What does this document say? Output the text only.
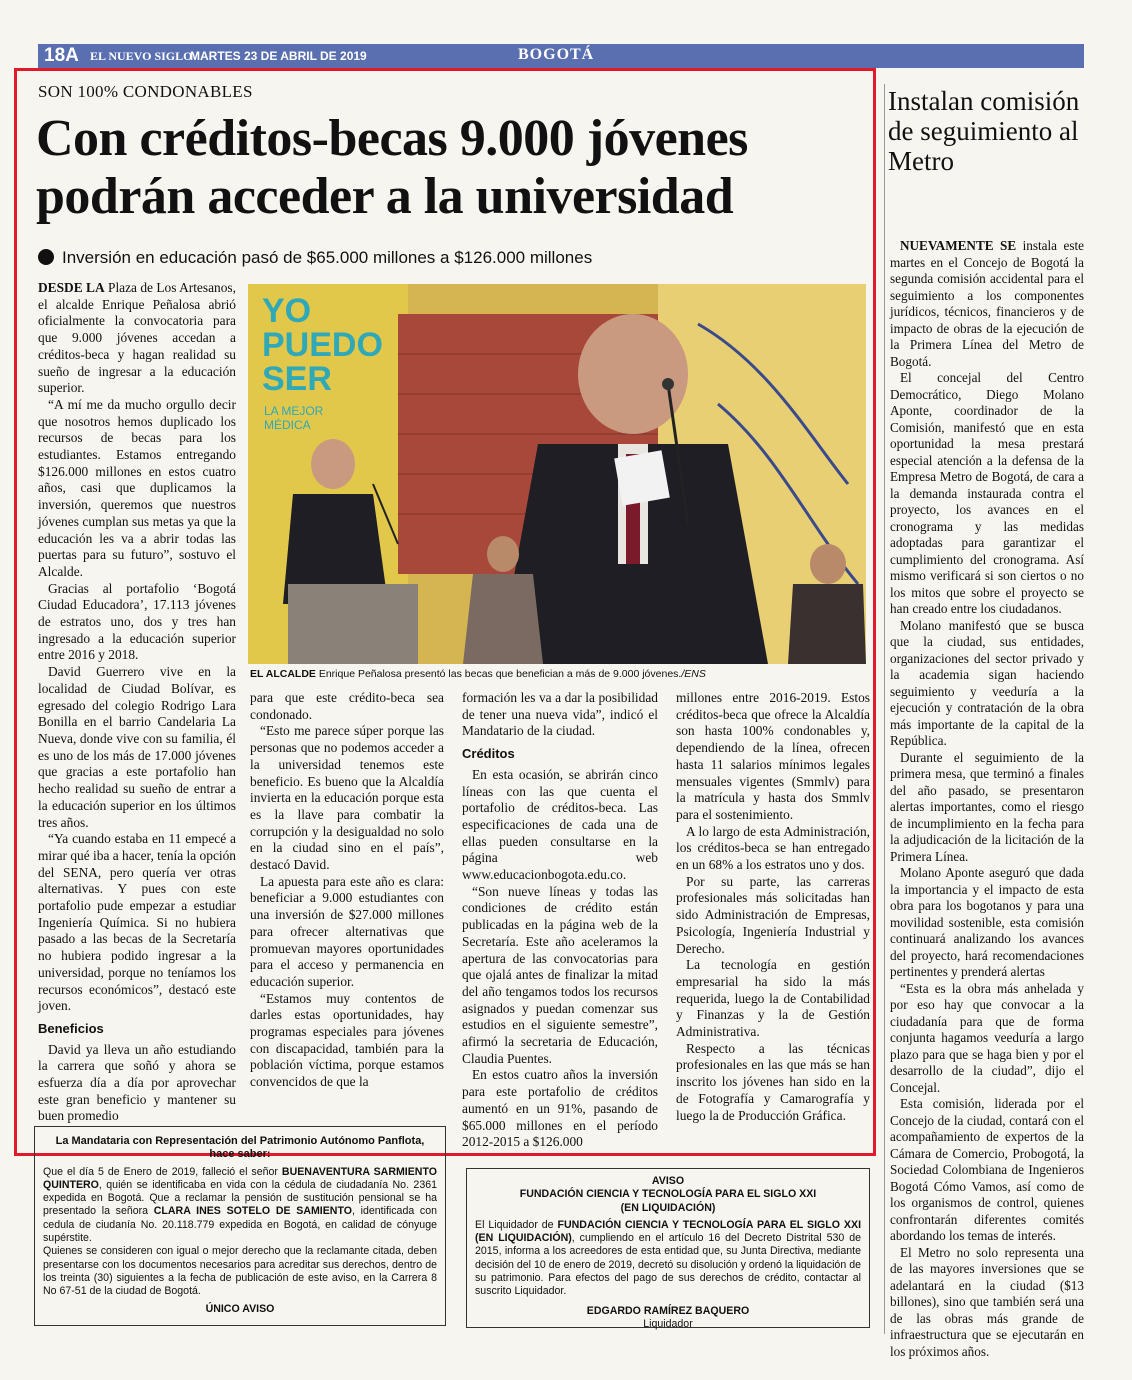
18A EL NUEVO SIGLO
MARTES 23 DE ABRIL DE 2019	BOGOTÁ
SON 100% CONDONABLES
Con créditos-becas 9.000 jóvenes
podrán acceder a la universidad
Inversión en educación pasó de $65.000 millones a $126.000 millones

DESDE LA Plaza de Los Artesanos, el alcalde Enrique Peñalosa abrió oficialmente la convocatoria para que 9.000 jóvenes accedan a créditos-beca y hagan realidad su sueño de ingresar a la educación superior.

“A mí me da mucho orgullo decir que nosotros hemos duplicado los recursos de becas para los estudiantes. Estamos entregando $126.000 millones en estos cuatro años, casi que duplicamos la inversión, queremos que nuestros jóvenes cumplan sus metas ya que la educación les va a abrir todas las puertas para su futuro”, sostuvo el Alcalde.

Gracias al portafolio ‘Bogotá Ciudad Educadora’, 17.113 jóvenes de estratos uno, dos y tres han ingresado a la educación superior entre 2016 y 2018.

David Guerrero vive en la localidad de Ciudad Bolívar, es egresado del colegio Rodrigo Lara Bonilla en el barrio Candelaria La Nueva, donde vive con su familia, él es uno de los más de 17.000 jóvenes que gracias a este portafolio han hecho realidad su sueño de entrar a la educación superior en los últimos tres años.

“Ya cuando estaba en 11 empecé a mirar qué iba a hacer, tenía la opción del SENA, pero quería ver otras alternativas. Y pues con este portafolio pude empezar a estudiar Ingeniería Química. Si no hubiera pasado a las becas de la Secretaría no hubiera podido ingresar a la universidad, porque no teníamos los recursos económicos”, destacó este joven.

Beneficios

David ya lleva un año estudiando la carrera que soñó y ahora se esfuerza día a día por aprovechar este gran beneficio y mantener su buen promedio

YO
PUEDO
SER
LA MEJOR
MÉDICA
EL ALCALDE Enrique Peñalosa presentó las becas que benefician a más de 9.000 jóvenes./ENS

para que este crédito-beca sea condonado.

“Esto me parece súper porque las personas que no podemos acceder a la universidad tenemos este beneficio. Es bueno que la Alcaldía invierta en la educación porque esta es la llave para combatir la corrupción y la desigualdad no solo en la ciudad sino en el país”, destacó David.

La apuesta para este año es clara: beneficiar a 9.000 estudiantes con una inversión de $27.000 millones para ofrecer alternativas que promuevan mayores oportunidades para el acceso y permanencia en educación superior.

“Estamos muy contentos de darles estas oportunidades, hay programas especiales para jóvenes con discapacidad, también para la población víctima, porque estamos convencidos de que la

formación les va a dar la posibilidad de tener una nueva vida”, indicó el Mandatario de la ciudad.

Créditos

En esta ocasión, se abrirán cinco líneas con las que cuenta el portafolio de créditos-beca. Las especificaciones de cada una de ellas pueden consultarse en la página web www.educacionbogota.edu.co.

“Son nueve líneas y todas las condiciones de crédito están publicadas en la página web de la Secretaría. Este año aceleramos la apertura de las convocatorias para que ojalá antes de finalizar la mitad del año tengamos todos los recursos asignados y puedan comenzar sus estudios en el siguiente semestre”, afirmó la secretaria de Educación, Claudia Puentes.

En estos cuatro años la inversión para este portafolio de créditos aumentó en un 91%, pasando de $65.000 millones en el período 2012-2015 a $126.000

millones entre 2016-2019. Estos créditos-beca que ofrece la Alcaldía son hasta 100% condonables y, dependiendo de la línea, ofrecen hasta 11 salarios mínimos legales mensuales vigentes (Smmlv) para la matrícula y hasta dos Smmlv para el sostenimiento.

A lo largo de esta Administración, los créditos-beca se han entregado en un 68% a los estratos uno y dos.

Por su parte, las carreras profesionales más solicitadas han sido Administración de Empresas, Psicología, Ingeniería Industrial y Derecho.

La tecnología en gestión empresarial ha sido la más requerida, luego la de Contabilidad y Finanzas y la de Gestión Administrativa.

Respecto a las técnicas profesionales en las que más se han inscrito los jóvenes han sido en la de Fotografía y Camarografía y luego la de Producción Gráfica.

Instalan comisión de seguimiento al Metro

NUEVAMENTE SE instala este martes en el Concejo de Bogotá la segunda comisión accidental para el seguimiento a los componentes jurídicos, técnicos, financieros y de impacto de obras de la ejecución de la Primera Línea del Metro de Bogotá.

El concejal del Centro Democrático, Diego Molano Aponte, coordinador de la Comisión, manifestó que en esta oportunidad la mesa prestará especial atención a la defensa de la Empresa Metro de Bogotá, de cara a la demanda instaurada contra el proyecto, los avances en el cronograma y las medidas adoptadas para garantizar el cumplimiento del cronograma. Así mismo verificará si son ciertos o no los mitos que sobre el proyecto se han creado entre los ciudadanos.

Molano manifestó que se busca que la ciudad, sus entidades, organizaciones del sector privado y la academia sigan haciendo seguimiento y veeduría a la ejecución y contratación de la obra más importante de la capital de la República.

Durante el seguimiento de la primera mesa, que terminó a finales del año pasado, se presentaron alertas importantes, como el riesgo de incumplimiento en la fecha para la adjudicación de la licitación de la Primera Línea.

Molano Aponte aseguró que dada la importancia y el impacto de esta obra para los bogotanos y para una movilidad sostenible, esta comisión continuará analizando los avances del proyecto, hará recomendaciones pertinentes y prenderá alertas

“Esta es la obra más anhelada y por eso hay que convocar a la ciudadanía para que de forma conjunta hagamos veeduría a largo plazo para que se haga bien y por el desarrollo de la ciudad”, dijo el Concejal.

Esta comisión, liderada por el Concejo de la ciudad, contará con el acompañamiento de expertos de la Cámara de Comercio, Probogotá, la Sociedad Colombiana de Ingenieros Bogotá Cómo Vamos, así como de los organismos de control, quienes confrontarán diferentes comités abordando los temas de interés.

El Metro no solo representa una de las mayores inversiones que se adelantará en la ciudad ($13 billones), sino que también será una de las obras más grande de infraestructura que se ejecutarán en los próximos años.

La Mandataria con Representación del Patrimonio Autónomo Panflota,
hace saber:
Que el día 5 de Enero de 2019, falleció el señor BUENAVENTURA SARMIENTO QUINTERO, quién se identificaba en vida con la cédula de ciudadanía No. 2361 expedida en Bogotá. Que a reclamar la pensión de sustitución pensional se ha presentado la señora CLARA INES SOTELO DE SAMIENTO, identificada con cedula de ciudanía No. 20.118.779 expedida en Bogotá, en calidad de cónyuge supérstite.
Quienes se consideren con igual o mejor derecho que la reclamante citada, deben presentarse con los documentos necesarios para acreditar sus derechos, dentro de los treinta (30) siguientes a la fecha de publicación de este aviso, en la Carrera 8 No 67-51 de la ciudad de Bogotá.
ÚNICO AVISO
AVISO
FUNDACIÓN CIENCIA Y TECNOLOGÍA PARA EL SIGLO XXI
(EN LIQUIDACIÓN)
El Liquidador de FUNDACIÓN CIENCIA Y TECNOLOGÍA PARA EL SIGLO XXI (EN LIQUIDACIÓN), cumpliendo en el artículo 16 del Decreto Distrital 530 de 2015, informa a los acreedores de esta entidad que, su Junta Directiva, mediante decisión del 10 de enero de 2019, decretó su disolución y ordenó la liquidación de su patrimonio. Para efectos del pago de sus derechos de crédito, contactar al suscrito Liquidador.
EDGARDO RAMÍREZ BAQUERO
Liquidador
